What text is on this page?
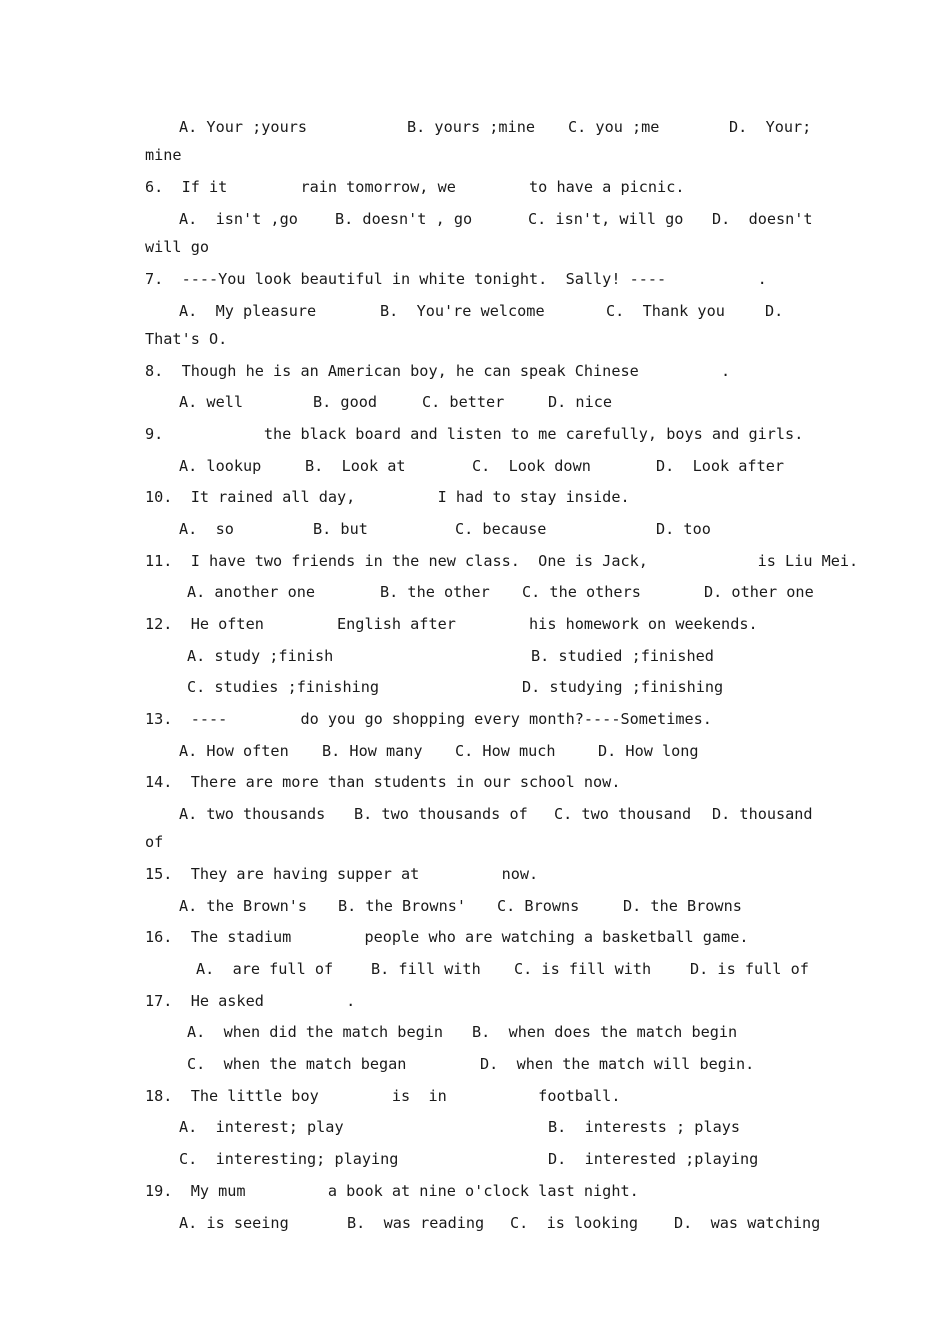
A. Your ;yours	B. yours ;mine C. you ;me	D.  Your;
mine
6.  If it        rain tomorrow, we        to have a picnic.
A.  isn't ,go B. doesn't , go	C. isn't, will go D.  doesn't
will go
7.  ----You look beautiful in white tonight.  Sally! ----          .
A.  My pleasure	B.  You're welcome	C.  Thank you	D.
That's O.
8.  Though he is an American boy, he can speak Chinese         .
A. well	B. good	C. better	D. nice
9.           the black board and listen to me carefully, boys and girls.
A. lookup	B.  Look at	C.  Look down	D.  Look after
10.  It rained all day,         I had to stay inside.
A.  so	B. but	C. because	D. too
11.  I have two friends in the new class.  One is Jack,            is Liu Mei.
A. another one	B. the other C. the others	D. other one
12.  He often        English after        his homework on weekends.
A. study ;finish	B. studied ;finished
C. studies ;finishing	D. studying ;finishing
13.  ----        do you go shopping every month?----Sometimes.
A. How often B. How many C. How much	D. How long
14.  There are more than students in our school now.
A. two thousands B. two thousands of C. two thousand D. thousand
of
15.  They are having supper at         now.
A. the Brown's B. the Browns' C. Browns	D. the Browns
16.  The stadium        people who are watching a basketball game.
A.  are full of B. fill with C. is fill with	D. is full of
17.  He asked         .
A.  when did the match begin B.  when does the match begin
C.  when the match began	D.  when the match will begin.
18.  The little boy        is  in          football.
A.  interest; play	B.  interests ; plays
C.  interesting; playing	D.  interested ;playing
19.  My mum         a book at nine o'clock last night.
A. is seeing	B.  was reading C.  is looking D.  was watching
